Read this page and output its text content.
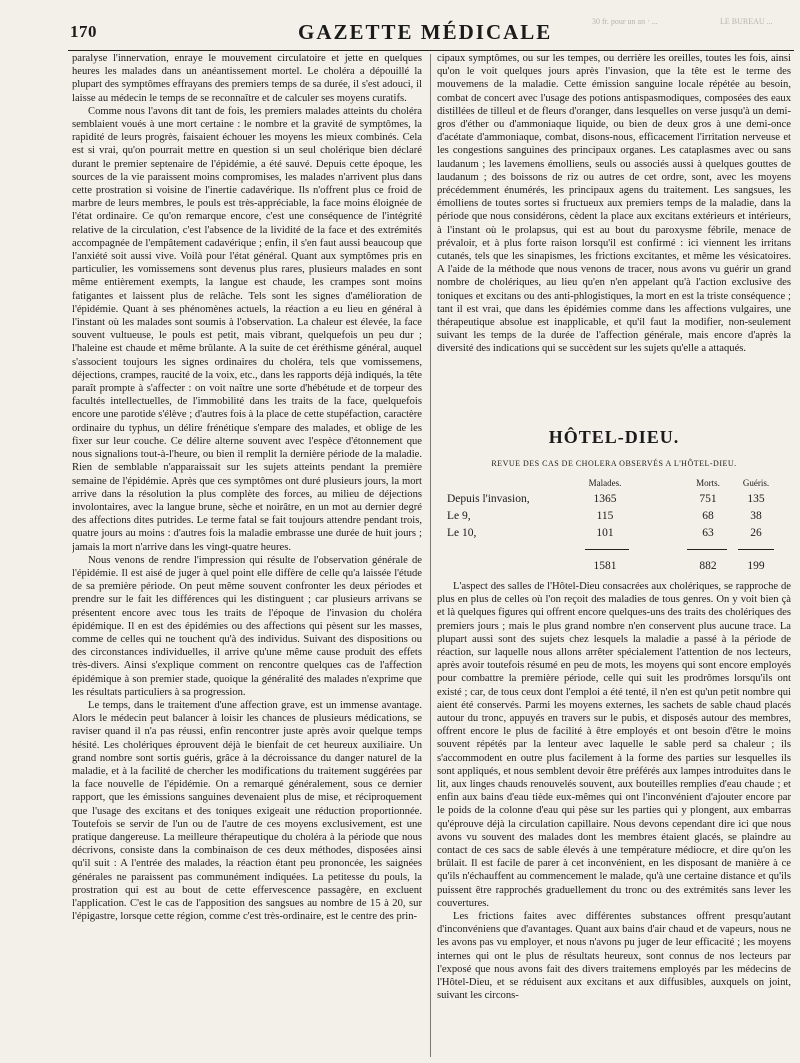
170	GAZETTE MÉDICALE	30 fr. pour un an · ...	LE BUREAU ...

paralyse l'innervation, enraye le mouvement circulatoire et jette en quelques heures les malades dans un anéantissement mortel. Le choléra a dépouillé la plupart des symptômes effrayans des premiers temps de sa durée, il s'est adouci, il laisse au médecin le temps de se reconnaître et de calculer ses moyens curatifs.

Comme nous l'avons dit tant de fois, les premiers malades atteints du choléra semblaient voués à une mort certaine : le nombre et la gravité de symptômes, la rapidité de leurs progrès, faisaient échouer les moyens les mieux combinés. Cela est si vrai, qu'on pourrait mettre en question si un seul cholérique bien déclaré durant le premier septenaire de l'épidémie, a été sauvé. Depuis cette époque, les sources de la vie paraissent moins compromises, les malades n'arrivent plus dans cette prostration si voisine de l'inertie cadavérique. Ils n'offrent plus ce froid de marbre de leurs membres, le pouls est très-appréciable, la face moins éloignée de l'état ordinaire. Ce qu'on remarque encore, c'est une conséquence de l'intégrité relative de la circulation, c'est l'absence de la lividité de la face et des extrémités accompagnée de l'empâtement cadavérique ; enfin, il s'en faut aussi beaucoup que l'anxiété soit aussi vive. Voilà pour l'état général. Quant aux symptômes pris en particulier, les vomissemens sont devenus plus rares, plusieurs malades en sont même entièrement exempts, la langue est chaude, les crampes sont moins fatigantes et laissent plus de relâche. Tels sont les signes d'amélioration de l'épidémie. Quant à ses phénomènes actuels, la réaction a eu lieu en général à l'instant où les malades sont soumis à l'observation. La chaleur est élevée, la face souvent vultueuse, le pouls est petit, mais vibrant, quelquefois un peu dur ; l'haleine est chaude et même brûlante. A la suite de cet éréthisme général, auquel s'associent toujours les signes ordinaires du choléra, tels que vomissemens, déjections, crampes, raucité de la voix, etc., dans les rapports déjà indiqués, la tête paraît prompte à s'affecter : on voit naître une sorte d'hébétude et de torpeur des facultés intellectuelles, de l'immobilité dans les traits de la face, quelquefois encore une parotide s'élève ; d'autres fois à la place de cette stupéfaction, caractère ordinaire du typhus, un délire frénétique s'empare des malades, et oblige de les fixer sur leur couche. Ce délire alterne souvent avec l'espèce d'étonnement que nous signalions tout-à-l'heure, ou bien il remplit la dernière période de la maladie. Rien de semblable n'apparaissait sur les sujets atteints pendant la première semaine de l'épidémie. Après que ces symptômes ont duré plusieurs jours, la mort arrive dans la résolution la plus complète des forces, au milieu de déjections involontaires, avec la langue brune, sèche et noirâtre, en un mot au dernier degré des affections dites putrides. Le terme fatal se fait toujours attendre pendant trois, quatre jours au moins : d'autres fois la maladie embrasse une durée de huit jours ; jamais la mort n'arrive dans les vingt-quatre heures.

Nous venons de rendre l'impression qui résulte de l'observation générale de l'épidémie. Il est aisé de juger à quel point elle diffère de celle qu'a laissée l'étude de sa première période. On peut même souvent confronter les deux périodes et prendre sur le fait les différences qui les distinguent ; car plusieurs arrivans se présentent encore avec tous les traits de l'époque de l'invasion du choléra épidémique. Il en est des épidémies ou des affections qui pèsent sur les masses, comme de celles qui ne touchent qu'à des individus. Suivant des dispositions ou des circonstances individuelles, il arrive qu'une même cause produit des effets très-divers. Ainsi s'explique comment on rencontre quelques cas de l'affection épidémique à son premier stade, quoique la généralité des malades n'exprime que les résultats particuliers à sa progression.

Le temps, dans le traitement d'une affection grave, est un immense avantage. Alors le médecin peut balancer à loisir les chances de plusieurs médications, se raviser quand il n'a pas réussi, enfin rencontrer juste après avoir quelque temps hésité. Les cholériques éprouvent déjà le bienfait de cet heureux auxiliaire. Un grand nombre sont sortis guéris, grâce à la décroissance du danger naturel de la maladie, et à la facilité de chercher les modifications du traitement suggérées par la face nouvelle de l'épidémie. On a remarqué généralement, sous ce dernier rapport, que les émissions sanguines devenaient plus de mise, et réciproquement que l'usage des excitans et des toniques exigeait une réduction proportionnée. Toutefois se servir de l'un ou de l'autre de ces moyens exclusivement, est une pratique dangereuse. La meilleure thérapeutique du choléra à la période que nous décrivons, consiste dans la combinaison de ces deux méthodes, disposées ainsi qu'il suit : A l'entrée des malades, la réaction étant peu prononcée, les saignées générales ne paraissent pas communément indiquées. La petitesse du pouls, la prostration qui est au bout de cette effervescence passagère, en excluent l'application. C'est le cas de l'apposition des sangsues au nombre de 15 à 20, sur l'épigastre, lorsque cette région, comme c'est très-ordinaire, est le centre des prin-

cipaux symptômes, ou sur les tempes, ou derrière les oreilles, toutes les fois, ainsi qu'on le voit quelques jours après l'invasion, que la tête est le terme des mouvemens de la maladie. Cette émission sanguine locale répétée au besoin, combat de concert avec l'usage des potions antispasmodiques, composées des eaux distillées de tilleul et de fleurs d'oranger, dans lesquelles on verse jusqu'à un demi-gros d'éther ou d'ammoniaque liquide, ou bien de deux gros à une demi-once d'acétate d'ammoniaque, combat, disons-nous, efficacement l'irritation nerveuse et les congestions sanguines des principaux organes. Les cataplasmes avec ou sans laudanum ; les lavemens émolliens, seuls ou associés aussi à quelques gouttes de laudanum ; des boissons de riz ou autres de cet ordre, sont, avec les moyens précédemment énumérés, les principaux agens du traitement. Les sangsues, les émolliens de toutes sortes si fructueux aux premiers temps de la maladie, dans la période que nous considérons, cèdent la place aux excitans extérieurs et intérieurs, à l'instant où le prolapsus, qui est au bout du paroxysme fébrile, menace de prévaloir, et à plus forte raison lorsqu'il est confirmé : ici viennent les irritans cutanés, tels que les sinapismes, les frictions excitantes, et même les vésicatoires. A l'aide de la méthode que nous venons de tracer, nous avons vu guérir un grand nombre de cholériques, au lieu qu'en n'en appelant qu'à l'action exclusive des toniques et excitans ou des anti-phlogistiques, la mort en est la triste conséquence ; tant il est vrai, que dans les épidémies comme dans les affections vulgaires, une thérapeutique absolue est inapplicable, et qu'il faut la modifier, non-seulement suivant les temps de la durée de l'affection générale, mais encore d'après la diversité des indications qui se succèdent sur les sujets qu'elle a attaqués.

HÔTEL-DIEU.
REVUE DES CAS DE CHOLERA OBSERVÉS A L'HÔTEL-DIEU.
Malades.	Morts.	Guéris.
Depuis l'invasion,	1365	751	135
Le 9,	115	68	38
Le 10,	101	63	26
1581	882	199

L'aspect des salles de l'Hôtel-Dieu consacrées aux cholériques, se rapproche de plus en plus de celles où l'on reçoit des maladies de tous genres. On y voit bien çà et là quelques figures qui offrent encore quelques-uns des traits des cholériques des premiers jours ; mais le plus grand nombre n'en conservent plus aucune trace. La plupart aussi sont des sujets chez lesquels la maladie a passé à la période de réaction, sur laquelle nous allons arrêter spécialement l'attention de nos lecteurs, après avoir toutefois résumé en peu de mots, les moyens qui sont encore employés pour combattre la première période, celle qui suit les prodrômes lorsqu'ils ont existé ; car, de tous ceux dont l'emploi a été tenté, il n'en est qu'un petit nombre qui aient été conservés. Parmi les moyens externes, les sachets de sable chaud placés autour du tronc, appuyés en travers sur le pubis, et disposés autour des membres, offrent encore le plus de facilité à être employés et ont besoin d'être le moins souvent répétés par la lenteur avec laquelle le sable perd sa chaleur ; ils s'accommodent en outre plus facilement à la forme des parties sur lesquelles ils sont appliqués, et nous semblent devoir être préférés aux lampes introduites dans le lit, aux linges chauds renouvelés souvent, aux bouteilles remplies d'eau chaude ; et enfin aux bains d'eau tiède eux-mêmes qui ont l'inconvénient d'ajouter encore par le poids de la colonne d'eau qui pèse sur les parties qui y plongent, aux embarras qu'éprouve déjà la circulation capillaire. Nous devons cependant dire ici que nous avons vu souvent des malades dont les membres étaient glacés, se plaindre au contact de ces sacs de sable élevés à une température médiocre, et dire qu'on les brûlait. Il est facile de parer à cet inconvénient, en les disposant de manière à ce qu'ils n'échauffent au commencement le malade, qu'à une certaine distance et qu'ils puissent être rapprochés graduellement du tronc ou des extrémités sans lever les couvertures.

Les frictions faites avec différentes substances offrent presqu'autant d'inconvéniens que d'avantages. Quant aux bains d'air chaud et de vapeurs, nous ne les avons pas vu employer, et nous n'avons pu juger de leur efficacité ; les moyens internes qui ont le plus de résultats heureux, sont connus de nos lecteurs par l'exposé que nous avons fait des divers traitemens employés par les médecins de l'Hôtel-Dieu, et se réduisent aux excitans et aux diffusibles, auxquels on joint, suivant les circons-
